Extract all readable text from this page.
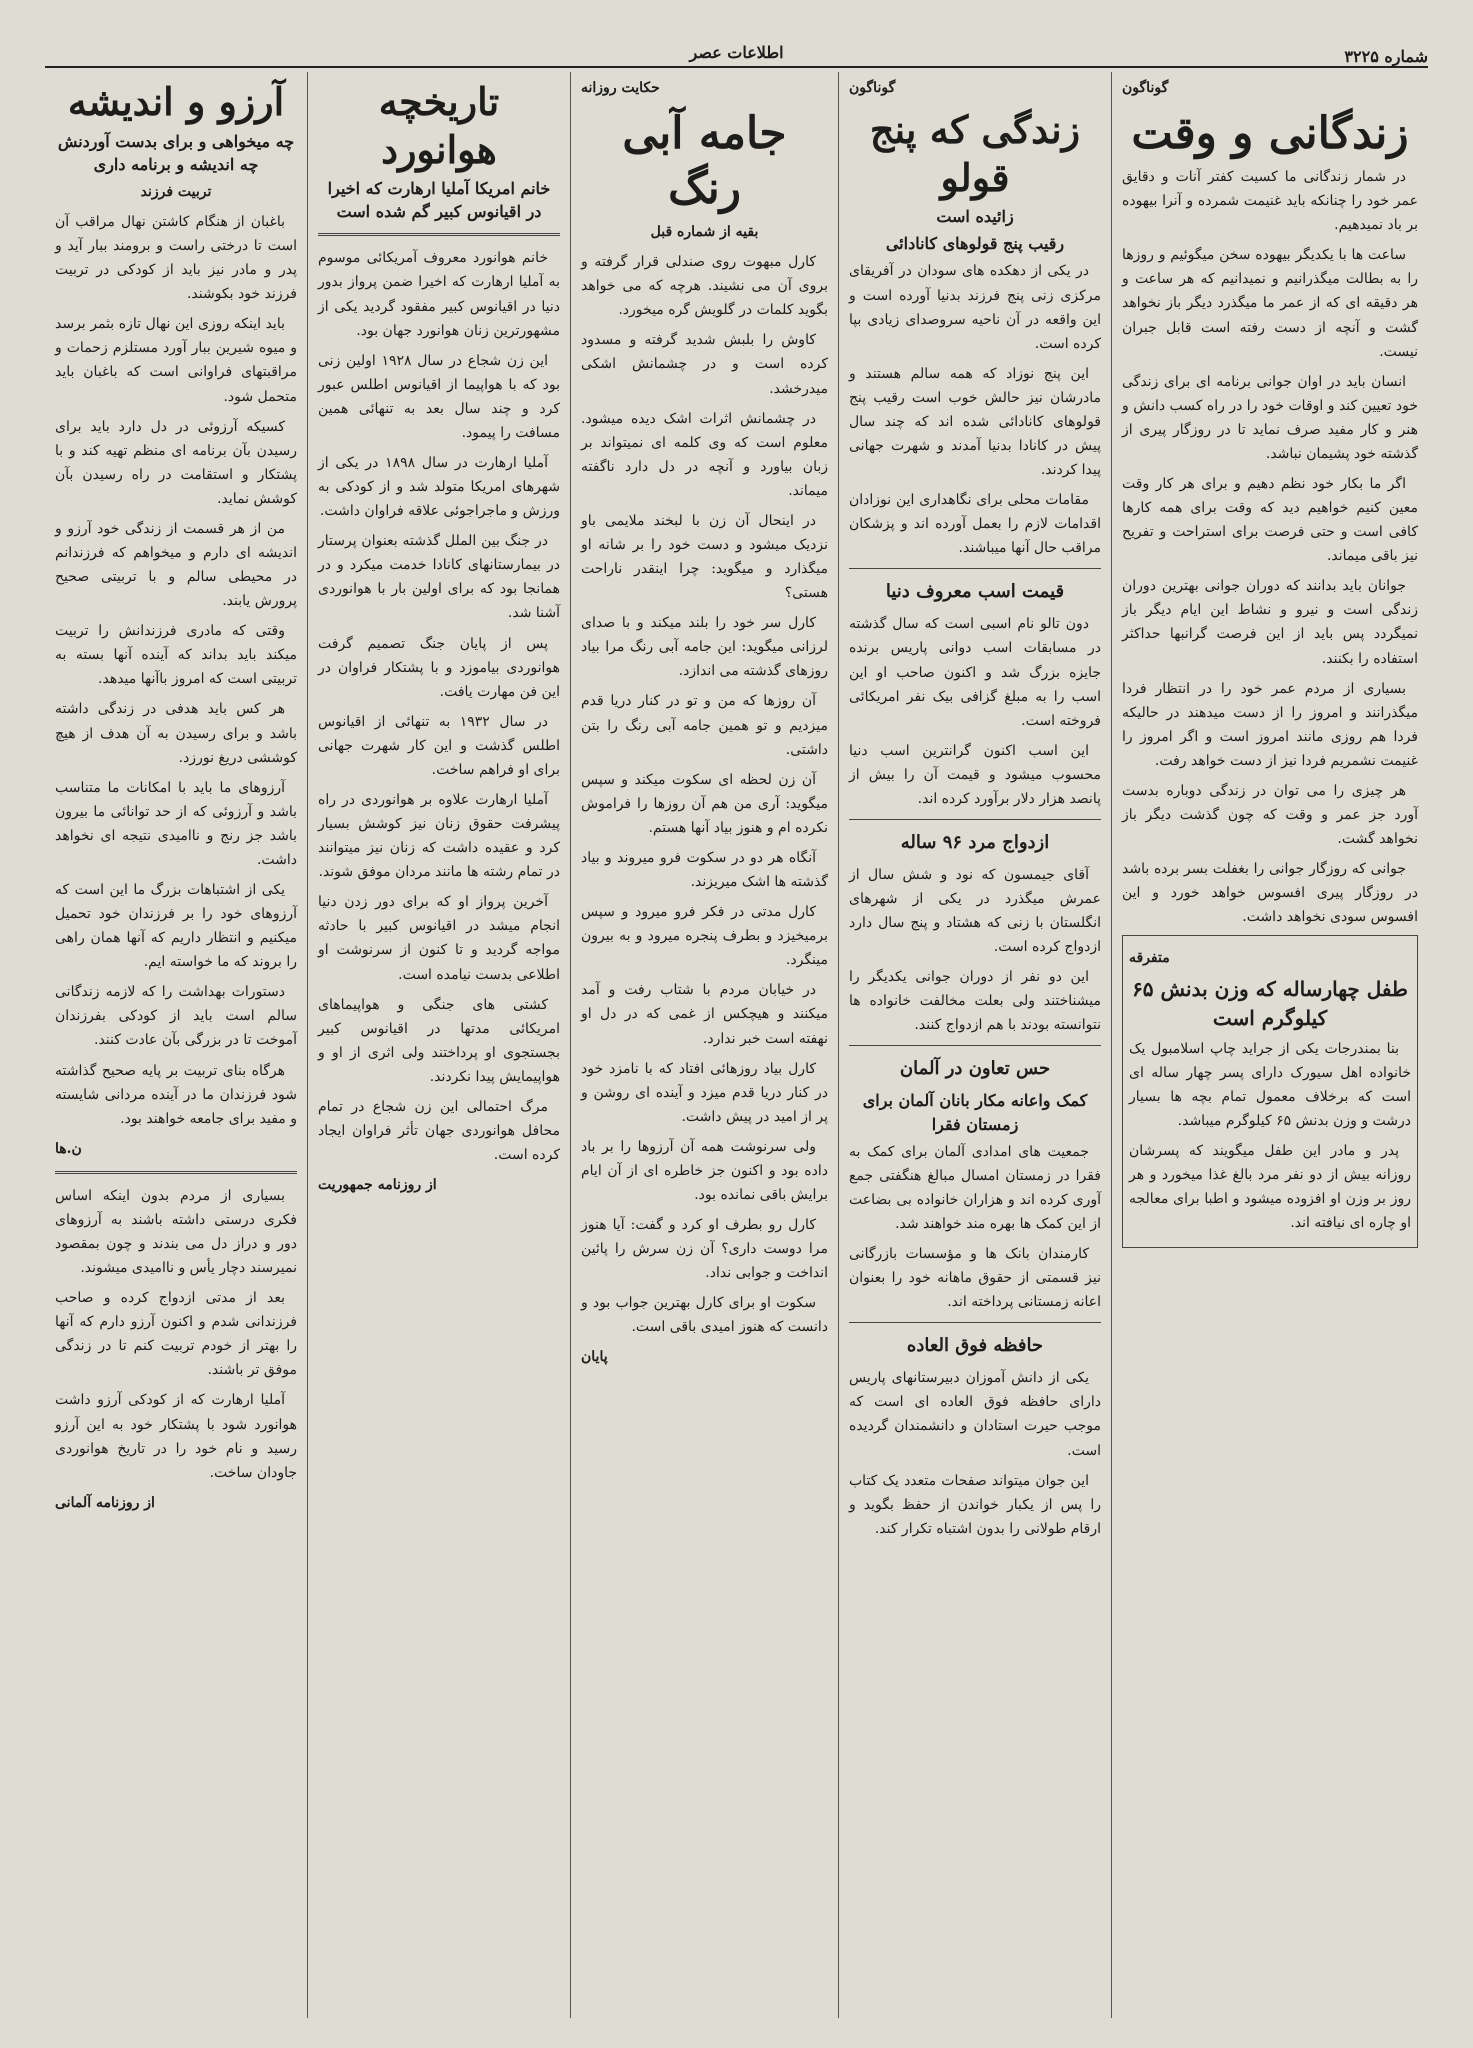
شماره ۳۲۲۵
اطلاعات عصر
گوناگون
زندگانی و وقت

در شمار زندگانی ما کسیت کفتر آنات و دقایق عمر خود را چنانکه باید غنیمت شمرده و آنرا بیهوده بر باد نمیدهیم.

ساعت ها با یکدیگر بیهوده سخن میگوئیم و روزها را به بطالت میگذرانیم و نمیدانیم که هر ساعت و هر دقیقه ای که از عمر ما میگذرد دیگر باز نخواهد گشت و آنچه از دست رفته است قابل جبران نیست.

انسان باید در اوان جوانی برنامه ای برای زندگی خود تعیین کند و اوقات خود را در راه کسب دانش و هنر و کار مفید صرف نماید تا در روزگار پیری از گذشته خود پشیمان نباشد.

اگر ما بکار خود نظم دهیم و برای هر کار وقت معین کنیم خواهیم دید که وقت برای همه کارها کافی است و حتی فرصت برای استراحت و تفریح نیز باقی میماند.

جوانان باید بدانند که دوران جوانی بهترین دوران زندگی است و نیرو و نشاط این ایام دیگر باز نمیگردد پس باید از این فرصت گرانبها حداکثر استفاده را بکنند.

بسیاری از مردم عمر خود را در انتظار فردا میگذرانند و امروز را از دست میدهند در حالیکه فردا هم روزی مانند امروز است و اگر امروز را غنیمت نشمریم فردا نیز از دست خواهد رفت.

هر چیزی را می توان در زندگی دوباره بدست آورد جز عمر و وقت که چون گذشت دیگر باز نخواهد گشت.

جوانی که روزگار جوانی را بغفلت بسر برده باشد در روزگار پیری افسوس خواهد خورد و این افسوس سودی نخواهد داشت.

متفرقه
طفل چهارساله که وزن بدنش ۶۵ کیلوگرم است

بنا بمندرجات یکی از جراید چاپ اسلامبول یک خانواده اهل سیورک دارای پسر چهار ساله ای است که برخلاف معمول تمام بچه ها بسیار درشت و وزن بدنش ۶۵ کیلوگرم میباشد.

پدر و مادر این طفل میگویند که پسرشان روزانه بیش از دو نفر مرد بالغ غذا میخورد و هر روز بر وزن او افزوده میشود و اطبا برای معالجه او چاره ای نیافته اند.

گوناگون
زندگی که پنج قولو
زائیده است
رقیب پنج قولوهای کانادائی

در یکی از دهکده های سودان در آفریقای مرکزی زنی پنج فرزند بدنیا آورده است و این واقعه در آن ناحیه سروصدای زیادی بپا کرده است.

این پنج نوزاد که همه سالم هستند و مادرشان نیز حالش خوب است رقیب پنج قولوهای کانادائی شده اند که چند سال پیش در کانادا بدنیا آمدند و شهرت جهانی پیدا کردند.

مقامات محلی برای نگاهداری این نوزادان اقدامات لازم را بعمل آورده اند و پزشکان مراقب حال آنها میباشند.

قیمت اسب معروف دنیا

دون تالو نام اسبی است که سال گذشته در مسابقات اسب دوانی پاریس برنده جایزه بزرگ شد و اکنون صاحب او این اسب را به مبلغ گزافی بیک نفر امریکائی فروخته است.

این اسب اکنون گرانترین اسب دنیا محسوب میشود و قیمت آن را بیش از پانصد هزار دلار برآورد کرده اند.

ازدواج مرد ۹۶ ساله

آقای جیمسون که نود و شش سال از عمرش میگذرد در یکی از شهرهای انگلستان با زنی که هشتاد و پنج سال دارد ازدواج کرده است.

این دو نفر از دوران جوانی یکدیگر را میشناختند ولی بعلت مخالفت خانواده ها نتوانسته بودند با هم ازدواج کنند.

حس تعاون در آلمان
کمک واعانه مکار بانان آلمان برای زمستان فقرا

جمعیت های امدادی آلمان برای کمک به فقرا در زمستان امسال مبالغ هنگفتی جمع آوری کرده اند و هزاران خانواده بی بضاعت از این کمک ها بهره مند خواهند شد.

کارمندان بانک ها و مؤسسات بازرگانی نیز قسمتی از حقوق ماهانه خود را بعنوان اعانه زمستانی پرداخته اند.

حافظه فوق العاده

یکی از دانش آموزان دبیرستانهای پاریس دارای حافظه فوق العاده ای است که موجب حیرت استادان و دانشمندان گردیده است.

این جوان میتواند صفحات متعدد یک کتاب را پس از یکبار خواندن از حفظ بگوید و ارقام طولانی را بدون اشتباه تکرار کند.

حکایت روزانه
جامه آبی رنگ
بقیه از شماره قبل

کارل مبهوت روی صندلی قرار گرفته و بروی آن می نشیند. هرچه که می خواهد بگوید کلمات در گلویش گره میخورد.

کاوش را بلبش شدید گرفته و مسدود کرده است و در چشمانش اشکی میدرخشد.

در چشمانش اثرات اشک دیده میشود. معلوم است که وی کلمه ای نمیتواند بر زبان بیاورد و آنچه در دل دارد ناگفته میماند.

در اینحال آن زن با لبخند ملایمی باو نزدیک میشود و دست خود را بر شانه او میگذارد و میگوید: چرا اینقدر ناراحت هستی؟

کارل سر خود را بلند میکند و با صدای لرزانی میگوید: این جامه آبی رنگ مرا بیاد روزهای گذشته می اندازد.

آن روزها که من و تو در کنار دریا قدم میزدیم و تو همین جامه آبی رنگ را بتن داشتی.

آن زن لحظه ای سکوت میکند و سپس میگوید: آری من هم آن روزها را فراموش نکرده ام و هنوز بیاد آنها هستم.

آنگاه هر دو در سکوت فرو میروند و بیاد گذشته ها اشک میریزند.

کارل مدتی در فکر فرو میرود و سپس برمیخیزد و بطرف پنجره میرود و به بیرون مینگرد.

در خیابان مردم با شتاب رفت و آمد میکنند و هیچکس از غمی که در دل او نهفته است خبر ندارد.

کارل بیاد روزهائی افتاد که با نامزد خود در کنار دریا قدم میزد و آینده ای روشن و پر از امید در پیش داشت.

ولی سرنوشت همه آن آرزوها را بر باد داده بود و اکنون جز خاطره ای از آن ایام برایش باقی نمانده بود.

کارل رو بطرف او کرد و گفت: آیا هنوز مرا دوست داری؟ آن زن سرش را پائین انداخت و جوابی نداد.

سکوت او برای کارل بهترین جواب بود و دانست که هنوز امیدی باقی است.

پایان
تاریخچه هوانورد
خانم امریکا آملیا ارهارت که اخیرا در اقیانوس کبیر گم شده است

خانم هوانورد معروف آمریکائی موسوم به آملیا ارهارت که اخیرا ضمن پرواز بدور دنیا در اقیانوس کبیر مفقود گردید یکی از مشهورترین زنان هوانورد جهان بود.

این زن شجاع در سال ۱۹۲۸ اولین زنی بود که با هواپیما از اقیانوس اطلس عبور کرد و چند سال بعد به تنهائی همین مسافت را پیمود.

آملیا ارهارت در سال ۱۸۹۸ در یکی از شهرهای امریکا متولد شد و از کودکی به ورزش و ماجراجوئی علاقه فراوان داشت.

در جنگ بین الملل گذشته بعنوان پرستار در بیمارستانهای کانادا خدمت میکرد و در همانجا بود که برای اولین بار با هوانوردی آشنا شد.

پس از پایان جنگ تصمیم گرفت هوانوردی بیاموزد و با پشتکار فراوان در این فن مهارت یافت.

در سال ۱۹۳۲ به تنهائی از اقیانوس اطلس گذشت و این کار شهرت جهانی برای او فراهم ساخت.

آملیا ارهارت علاوه بر هوانوردی در راه پیشرفت حقوق زنان نیز کوشش بسیار کرد و عقیده داشت که زنان نیز میتوانند در تمام رشته ها مانند مردان موفق شوند.

آخرین پرواز او که برای دور زدن دنیا انجام میشد در اقیانوس کبیر با حادثه مواجه گردید و تا کنون از سرنوشت او اطلاعی بدست نیامده است.

کشتی های جنگی و هواپیماهای امریکائی مدتها در اقیانوس کبیر بجستجوی او پرداختند ولی اثری از او و هواپیمایش پیدا نکردند.

مرگ احتمالی این زن شجاع در تمام محافل هوانوردی جهان تأثر فراوان ایجاد کرده است.

از روزنامه جمهوریت
آرزو و اندیشه
چه میخواهی و برای بدست آوردنش چه اندیشه و برنامه داری
تربیت فرزند

باغبان از هنگام کاشتن نهال مراقب آن است تا درختی راست و برومند ببار آید و پدر و مادر نیز باید از کودکی در تربیت فرزند خود بکوشند.

باید اینکه روزی این نهال تازه بثمر برسد و میوه شیرین ببار آورد مستلزم زحمات و مراقبتهای فراوانی است که باغبان باید متحمل شود.

کسیکه آرزوئی در دل دارد باید برای رسیدن بآن برنامه ای منظم تهیه کند و با پشتکار و استقامت در راه رسیدن بآن کوشش نماید.

من از هر قسمت از زندگی خود آرزو و اندیشه ای دارم و میخواهم که فرزندانم در محیطی سالم و با تربیتی صحیح پرورش یابند.

وقتی که مادری فرزندانش را تربیت میکند باید بداند که آینده آنها بسته به تربیتی است که امروز باآنها میدهد.

هر کس باید هدفی در زندگی داشته باشد و برای رسیدن به آن هدف از هیچ کوششی دریغ نورزد.

آرزوهای ما باید با امکانات ما متناسب باشد و آرزوئی که از حد توانائی ما بیرون باشد جز رنج و ناامیدی نتیجه ای نخواهد داشت.

یکی از اشتباهات بزرگ ما این است که آرزوهای خود را بر فرزندان خود تحمیل میکنیم و انتظار داریم که آنها همان راهی را بروند که ما خواسته ایم.

دستورات بهداشت را که لازمه زندگانی سالم است باید از کودکی بفرزندان آموخت تا در بزرگی بآن عادت کنند.

هرگاه بنای تربیت بر پایه صحیح گذاشته شود فرزندان ما در آینده مردانی شایسته و مفید برای جامعه خواهند بود.

ن.ها

بسیاری از مردم بدون اینکه اساس فکری درستی داشته باشند به آرزوهای دور و دراز دل می بندند و چون بمقصود نمیرسند دچار یأس و ناامیدی میشوند.

بعد از مدتی ازدواج کرده و صاحب فرزندانی شدم و اکنون آرزو دارم که آنها را بهتر از خودم تربیت کنم تا در زندگی موفق تر باشند.

آملیا ارهارت که از کودکی آرزو داشت هوانورد شود با پشتکار خود به این آرزو رسید و نام خود را در تاریخ هوانوردی جاودان ساخت.

از روزنامه آلمانی
